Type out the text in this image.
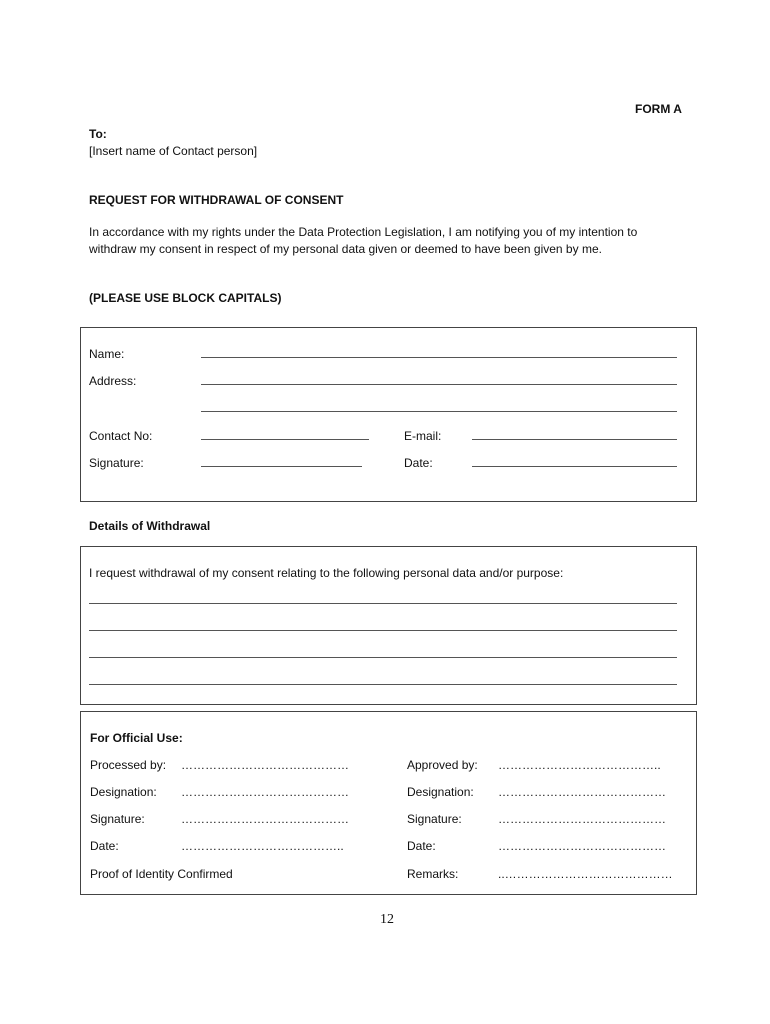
FORM A
To:
[Insert name of Contact person]
REQUEST FOR WITHDRAWAL OF CONSENT
In accordance with my rights under the Data Protection Legislation, I am notifying you of my intention to
withdraw my consent in respect of my personal data given or deemed to have been given by me.
(PLEASE USE BLOCK CAPITALS)
Name:
Address:
Contact No:	E-mail:
Signature:	Date:
Details of Withdrawal
I request withdrawal of my consent relating to the following personal data and/or purpose:
For Official Use:
Processed by: ……………………………………	Approved by: …………………………………..
Designation: ……………………………………	Designation: ……………………………………
Signature:	……………………………………	Signature:	……………………………………
Date:	…………………………………..	Date:	……………………………………
Proof of Identity Confirmed	Remarks:	..……………………………………
12
